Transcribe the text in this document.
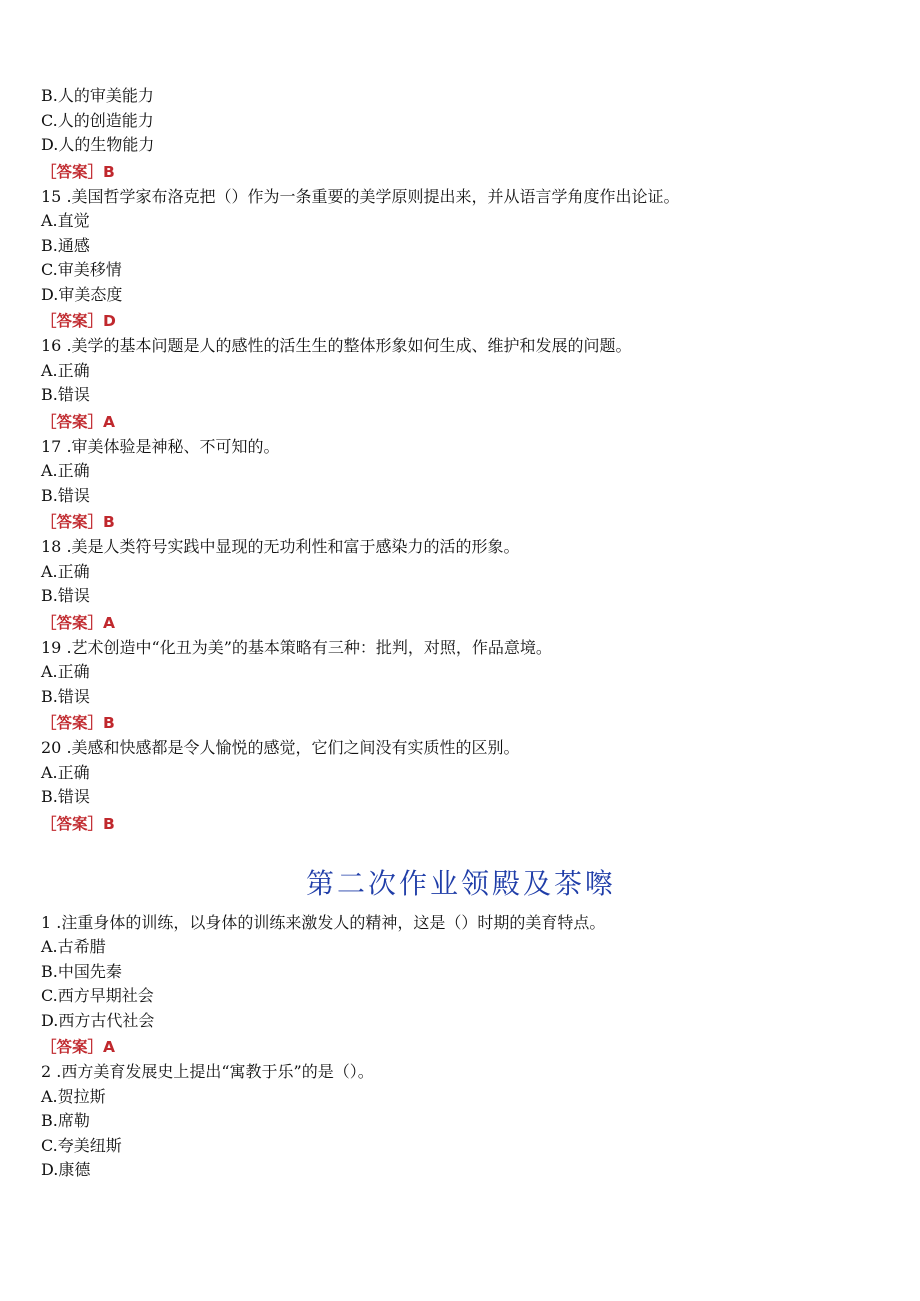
B.人的审美能力
C.人的创造能力
D.人的生物能力
［答案］B
15 .美国哲学家布洛克把（）作为一条重要的美学原则提出来，并从语言学角度作出论证。
A.直觉
B.通感
C.审美移情
D.审美态度
［答案］D
16 .美学的基本问题是人的感性的活生生的整体形象如何生成、维护和发展的问题。
A.正确
B.错误
［答案］A
17 .审美体验是神秘、不可知的。
A.正确
B.错误
［答案］B
18 .美是人类符号实践中显现的无功利性和富于感染力的活的形象。
A.正确
B.错误
［答案］A
19 .艺术创造中“化丑为美”的基本策略有三种：批判，对照，作品意境。
A.正确
B.错误
［答案］B
20 .美感和快感都是令人愉悦的感觉，它们之间没有实质性的区别。
A.正确
B.错误
［答案］B
第二次作业领殿及茶嚓
1 .注重身体的训练，以身体的训练来激发人的精神，这是（）时期的美育特点。
A.古希腊
B.中国先秦
C.西方早期社会
D.西方古代社会
［答案］A
2 .西方美育发展史上提出“寓教于乐”的是（）。
A.贺拉斯
B.席勒
C.夸美纽斯
D.康德
